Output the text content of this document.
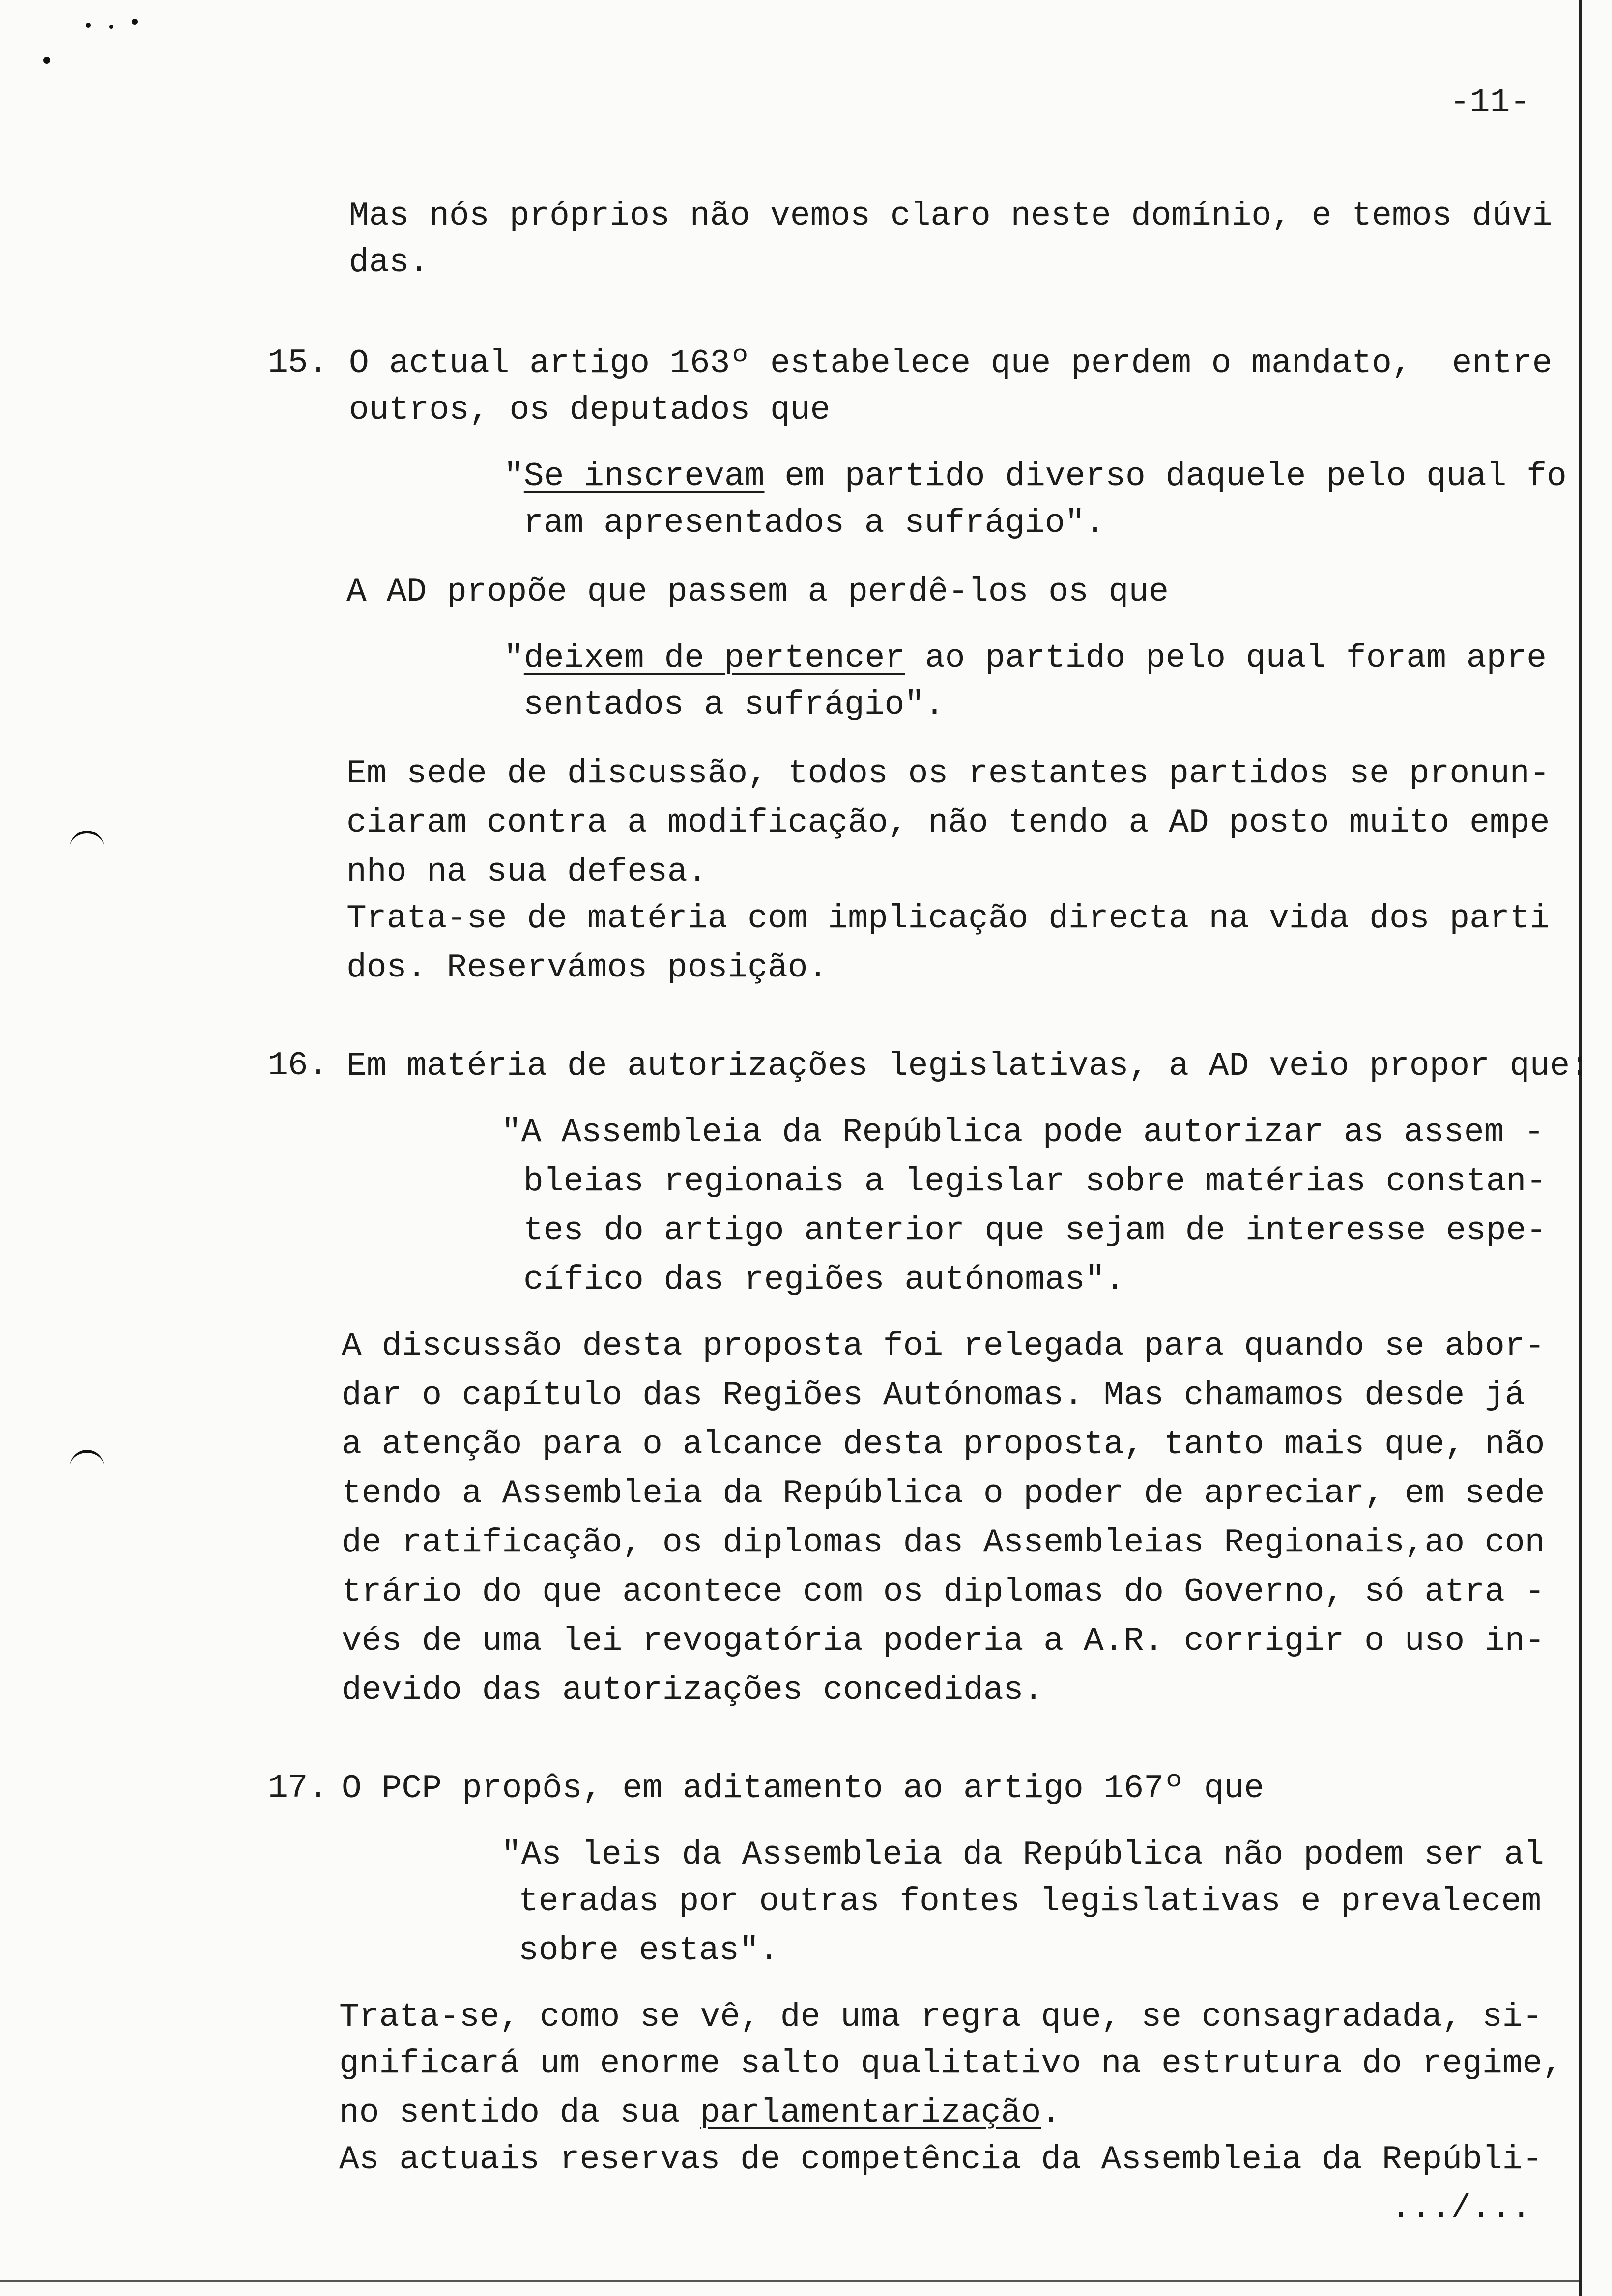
-11-
Mas nós próprios não vemos claro neste domínio, e temos dúvi
das.
15. O actual artigo 163º estabelece que perdem o mandato,  entre
outros, os deputados que
"Se inscrevam em partido diverso daquele pelo qual fo
ram apresentados a sufrágio".
A AD propõe que passem a perdê-los os que
"deixem de pertencer ao partido pelo qual foram apre
sentados a sufrágio".
Em sede de discussão, todos os restantes partidos se pronun-
ciaram contra a modificação, não tendo a AD posto muito empe
nho na sua defesa.
Trata-se de matéria com implicação directa na vida dos parti
dos. Reservámos posição.
16. Em matéria de autorizações legislativas, a AD veio propor que:
"A Assembleia da República pode autorizar as assem -
bleias regionais a legislar sobre matérias constan-
tes do artigo anterior que sejam de interesse espe-
cífico das regiões autónomas".
A discussão desta proposta foi relegada para quando se abor-
dar o capítulo das Regiões Autónomas. Mas chamamos desde já
a atenção para o alcance desta proposta, tanto mais que, não
tendo a Assembleia da República o poder de apreciar, em sede
de ratificação, os diplomas das Assembleias Regionais,ao con
trário do que acontece com os diplomas do Governo, só atra -
vés de uma lei revogatória poderia a A.R. corrigir o uso in-
devido das autorizações concedidas.
17. O PCP propôs, em aditamento ao artigo 167º que
"As leis da Assembleia da República não podem ser al
teradas por outras fontes legislativas e prevalecem
sobre estas".
Trata-se, como se vê, de uma regra que, se consagradada, si-
gnificará um enorme salto qualitativo na estrutura do regime,
no sentido da sua parlamentarização.
As actuais reservas de competência da Assembleia da Repúbli-
.../...
